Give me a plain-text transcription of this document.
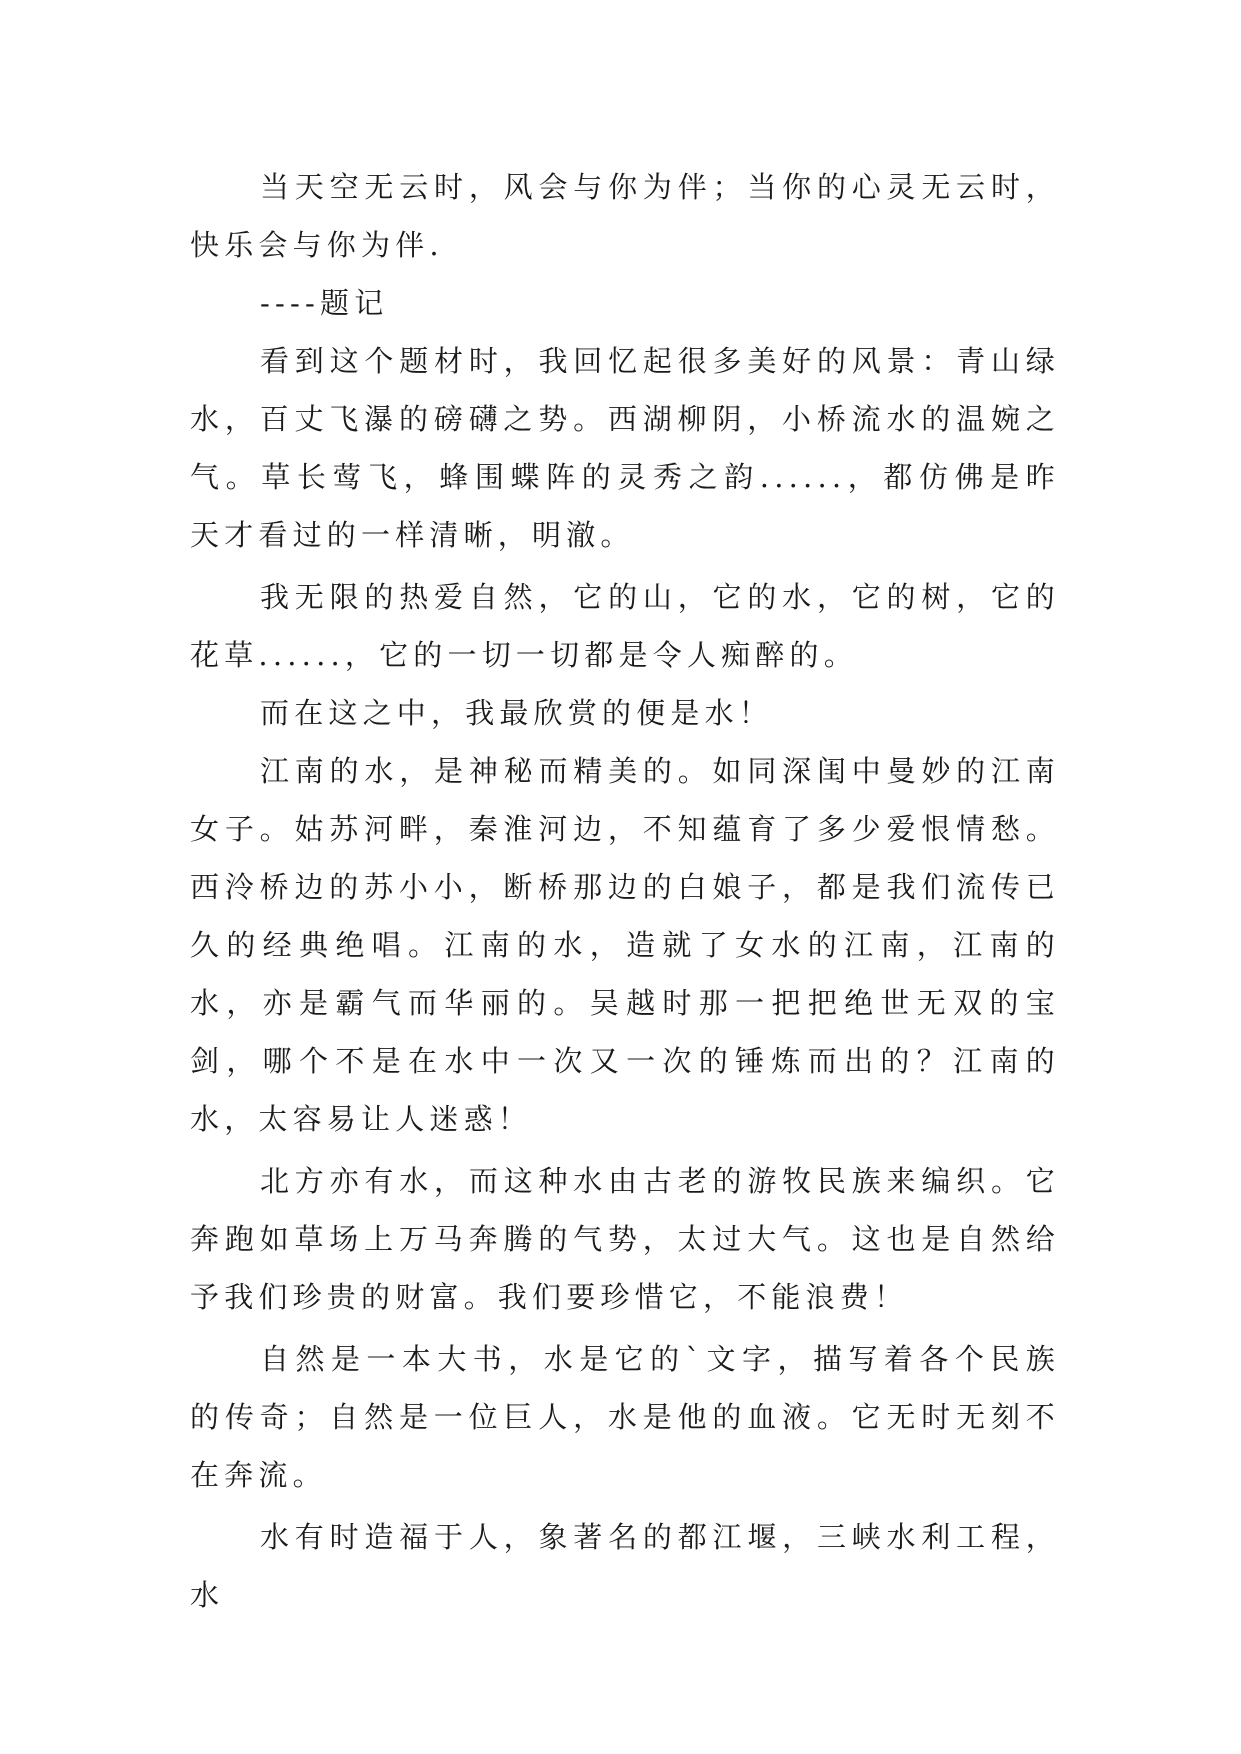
当天空无云时，风会与你为伴；当你的心灵无云时，快乐会与你为伴.

----题记

看到这个题材时，我回忆起很多美好的风景：青山绿水，百丈飞瀑的磅礴之势。西湖柳阴，小桥流水的温婉之气。草长莺飞，蜂围蝶阵的灵秀之韵......，都仿佛是昨天才看过的一样清晰，明澈。

我无限的热爱自然，它的山，它的水，它的树，它的花草......，它的一切一切都是令人痴醉的。

而在这之中，我最欣赏的便是水！

江南的水，是神秘而精美的。如同深闺中曼妙的江南女子。姑苏河畔，秦淮河边，不知蕴育了多少爱恨情愁。西泠桥边的苏小小，断桥那边的白娘子，都是我们流传已久的经典绝唱。江南的水，造就了女水的江南，江南的水，亦是霸气而华丽的。吴越时那一把把绝世无双的宝剑，哪个不是在水中一次又一次的锤炼而出的？江南的水，太容易让人迷惑！

北方亦有水，而这种水由古老的游牧民族来编织。它奔跑如草场上万马奔腾的气势，太过大气。这也是自然给予我们珍贵的财富。我们要珍惜它，不能浪费！

自然是一本大书，水是它的`文字，描写着各个民族的传奇；自然是一位巨人，水是他的血液。它无时无刻不在奔流。

水有时造福于人，象著名的都江堰，三峡水利工程，水
